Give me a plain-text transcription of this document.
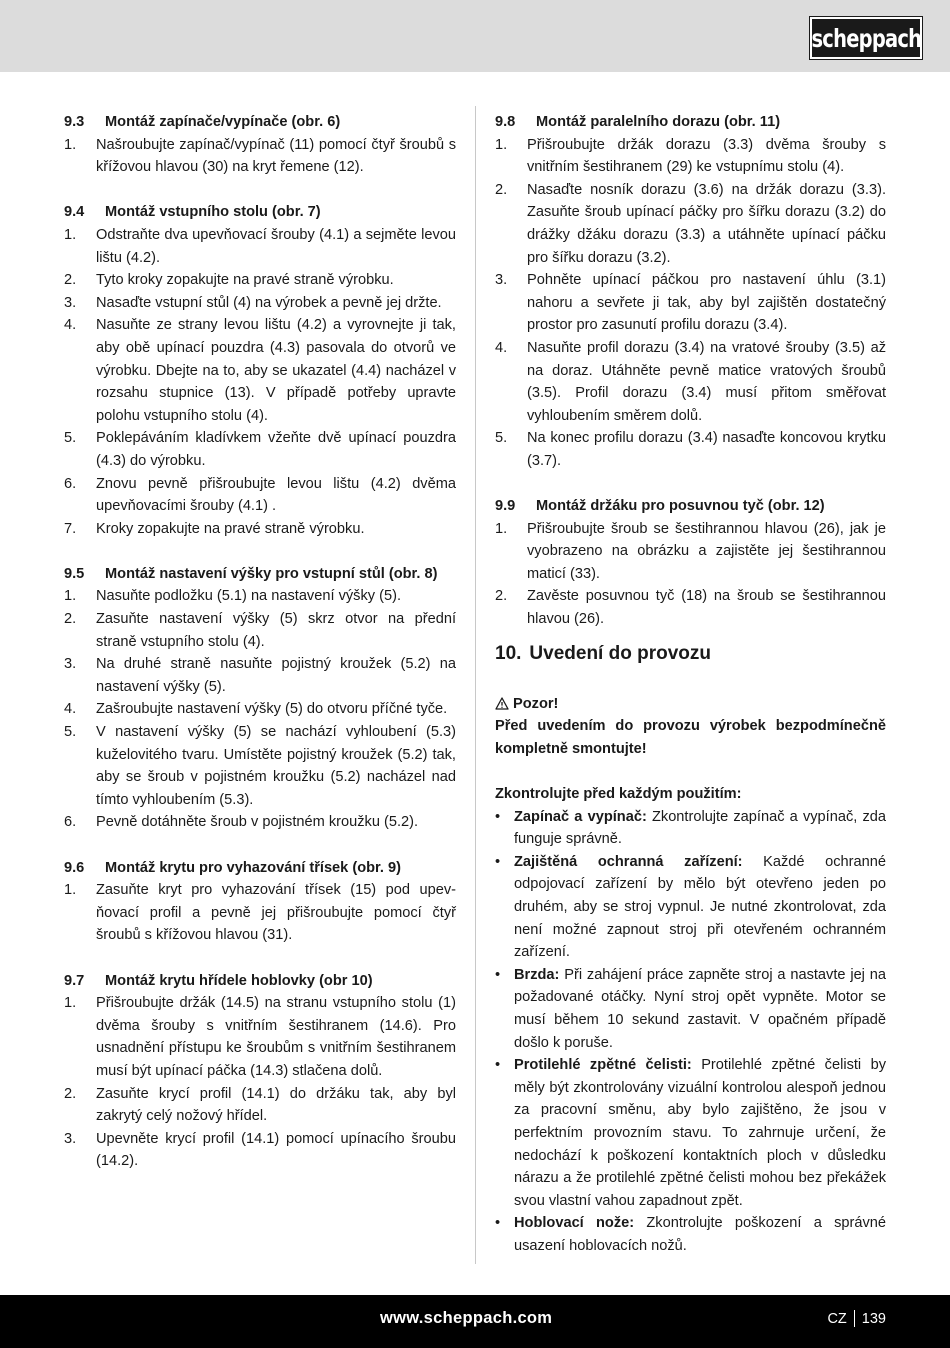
scheppach
9.3	Montáž zapínače/vypínače (obr. 6)
1.	Našroubujte zapínač/vypínač (11) pomocí čtyř šroubů s křížovou hlavou (30) na kryt řemene (12).
9.4	Montáž vstupního stolu (obr. 7)
1.	Odstraňte dva upevňovací šrouby (4.1) a sejměte levou lištu (4.2).
2.	Tyto kroky zopakujte na pravé straně výrobku.
3.	Nasaďte vstupní stůl (4) na výrobek a pevně jej držte.
4.	Nasuňte ze strany levou lištu (4.2) a vyrovnejte ji tak, aby obě upínací pouzdra (4.3) pasovala do otvorů ve výrobku. Dbejte na to, aby se ukazatel (4.4) nacházel v rozsahu stupnice (13). V případě potřeby upravte polohu vstupního stolu (4).
5.	Poklepáváním kladívkem vžeňte dvě upínací pouzdra (4.3) do výrobku.
6.	Znovu pevně přišroubujte levou lištu (4.2) dvěma upevňovacími šrouby (4.1) .
7.	Kroky zopakujte na pravé straně výrobku.
9.5	Montáž nastavení výšky pro vstupní stůl (obr. 8)
1.	Nasuňte podložku (5.1) na nastavení výšky (5).
2.	Zasuňte nastavení výšky (5) skrz otvor na přední straně vstupního stolu (4).
3.	Na druhé straně nasuňte pojistný kroužek (5.2) na nastavení výšky (5).
4.	Zašroubujte nastavení výšky (5) do otvoru příčné tyče.
5.	V nastavení výšky (5) se nachází vyhloubení (5.3) kuželovitého tvaru. Umístěte pojistný kroužek (5.2) tak, aby se šroub v pojistném kroužku (5.2) nacházel nad tímto vyhloubením (5.3).
6.	Pevně dotáhněte šroub v pojistném kroužku (5.2).
9.6	Montáž krytu pro vyhazování třísek (obr. 9)
1.	Zasuňte kryt pro vyhazování třísek (15) pod upevňovací profil a pevně jej přišroubujte pomocí čtyř šroubů s křížovou hlavou (31).
9.7	Montáž krytu hřídele hoblovky (obr 10)
1.	Přišroubujte držák (14.5) na stranu vstupního stolu (1) dvěma šrouby s vnitřním šestihranem (14.6). Pro usnadnění přístupu ke šroubům s vnitřním šestihranem musí být upínací páčka (14.3) stlačena dolů.
2.	Zasuňte krycí profil (14.1) do držáku tak, aby byl zakrytý celý nožový hřídel.
3.	Upevněte krycí profil (14.1) pomocí upínacího šroubu (14.2).
9.8	Montáž paralelního dorazu (obr. 11)
1.	Přišroubujte držák dorazu (3.3) dvěma šrouby s vnitřním šestihranem (29) ke vstupnímu stolu (4).
2.	Nasaďte nosník dorazu (3.6) na držák dorazu (3.3). Zasuňte šroub upínací páčky pro šířku dorazu (3.2) do drážky džáku dorazu (3.3) a utáhněte upínací páčku pro šířku dorazu (3.2).
3.	Pohněte upínací páčkou pro nastavení úhlu (3.1) nahoru a sevřete ji tak, aby byl zajištěn dostatečný prostor pro zasunutí profilu dorazu (3.4).
4.	Nasuňte profil dorazu (3.4) na vratové šrouby (3.5) až na doraz. Utáhněte pevně matice vratových šroubů (3.5). Profil dorazu (3.4) musí přitom směřovat vyhloubením směrem dolů.
5.	Na konec profilu dorazu (3.4) nasaďte koncovou krytku (3.7).
9.9	Montáž držáku pro posuvnou tyč (obr. 12)
1.	Přišroubujte šroub se šestihrannou hlavou (26), jak je vyobrazeno na obrázku a zajistěte jej šestihrannou maticí (33).
2.	Zavěste posuvnou tyč (18) na šroub se šestihrannou hlavou (26).
10. Uvedení do provozu
Pozor!
Před uvedením do provozu výrobek bezpodmínečně kompletně smontujte!
Zkontrolujte před každým použitím:
• Zapínač a vypínač: Zkontrolujte zapínač a vypínač, zda funguje správně.
• Zajištěná ochranná zařízení: Každé ochranné odpojovací zařízení by mělo být otevřeno jeden po druhém, aby se stroj vypnul. Je nutné zkontrolovat, zda není možné zapnout stroj při otevřeném ochranném zařízení.
• Brzda: Při zahájení práce zapněte stroj a nastavte jej na požadované otáčky. Nyní stroj opět vypněte. Motor se musí během 10 sekund zastavit. V opačném případě došlo k poruše.
• Protilehlé zpětné čelisti: Protilehlé zpětné čelisti by měly být zkontrolovány vizuální kontrolou alespoň jednou za pracovní směnu, aby bylo zajištěno, že jsou v perfektním provozním stavu. To zahrnuje určení, že nedochází k poškození kontaktních ploch v důsledku nárazu a že protilehlé zpětné čelisti mohou bez překážek svou vlastní vahou zapadnout zpět.
• Hoblovací nože: Zkontrolujte poškození a správné usazení hoblovacích nožů.
www.scheppach.com	CZ 139
